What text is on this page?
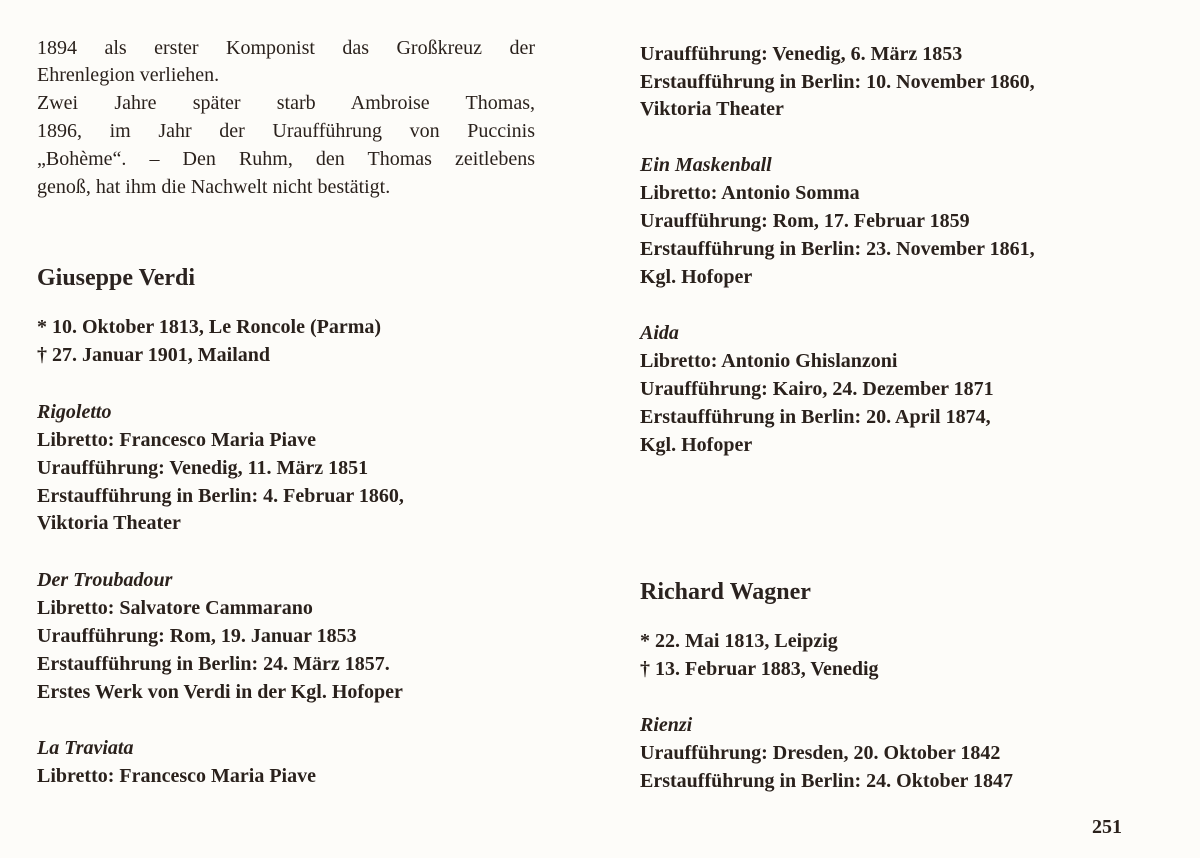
1894 als erster Komponist das Großkreuz der
Ehrenlegion verliehen.
Zwei Jahre später starb Ambroise Thomas,
1896, im Jahr der Uraufführung von Puccinis
„Bohème“. – Den Ruhm, den Thomas zeitlebens
genoß, hat ihm die Nachwelt nicht bestätigt.
Giuseppe Verdi
* 10. Oktober 1813, Le Roncole (Parma)
† 27. Januar 1901, Mailand
Rigoletto
Libretto: Francesco Maria Piave
Uraufführung: Venedig, 11. März 1851
Erstaufführung in Berlin: 4. Februar 1860,
Viktoria Theater
Der Troubadour
Libretto: Salvatore Cammarano
Uraufführung: Rom, 19. Januar 1853
Erstaufführung in Berlin: 24. März 1857.
Erstes Werk von Verdi in der Kgl. Hofoper
La Traviata
Libretto: Francesco Maria Piave
Uraufführung: Venedig, 6. März 1853
Erstaufführung in Berlin: 10. November 1860,
Viktoria Theater
Ein Maskenball
Libretto: Antonio Somma
Uraufführung: Rom, 17. Februar 1859
Erstaufführung in Berlin: 23. November 1861,
Kgl. Hofoper
Aida
Libretto: Antonio Ghislanzoni
Uraufführung: Kairo, 24. Dezember 1871
Erstaufführung in Berlin: 20. April 1874,
Kgl. Hofoper
Richard Wagner
* 22. Mai 1813, Leipzig
† 13. Februar 1883, Venedig
Rienzi
Uraufführung: Dresden, 20. Oktober 1842
Erstaufführung in Berlin: 24. Oktober 1847
251
